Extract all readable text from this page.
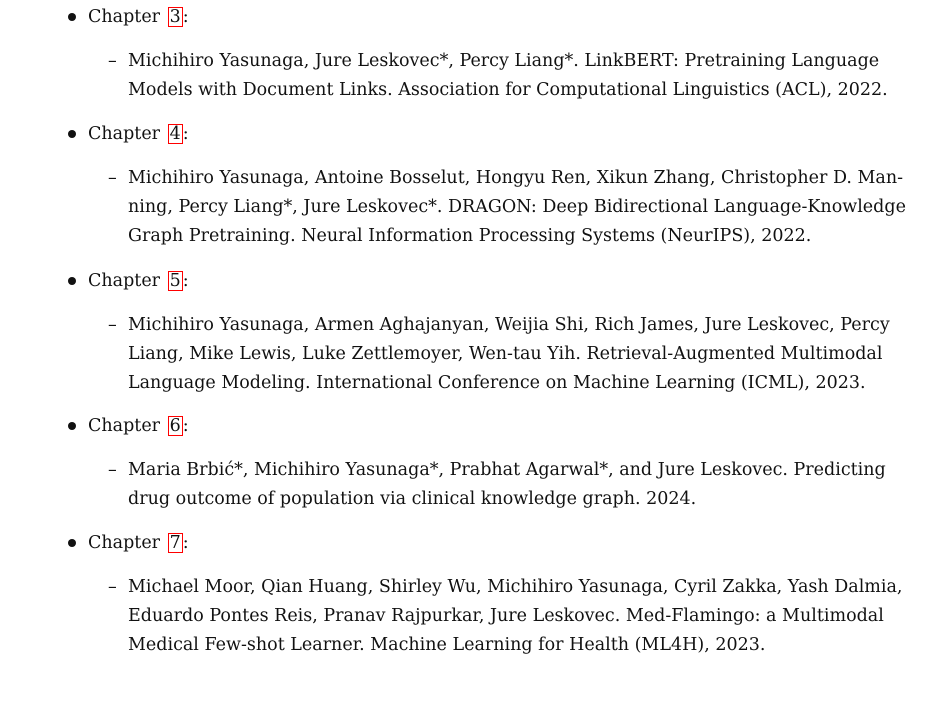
Chapter 3 :
– Michihiro Yasunaga, Jure Leskovec*, Percy Liang*. LinkBERT: Pretraining Language
Models with Document Links. Association for Computational Linguistics (ACL), 2022.
Chapter 4 :
– Michihiro Yasunaga, Antoine Bosselut, Hongyu Ren, Xikun Zhang, Christopher D. Man-
ning, Percy Liang*, Jure Leskovec*. DRAGON: Deep Bidirectional Language-Knowledge
Graph Pretraining. Neural Information Processing Systems (NeurIPS), 2022.
Chapter 5 :
– Michihiro Yasunaga, Armen Aghajanyan, Weijia Shi, Rich James, Jure Leskovec, Percy
Liang, Mike Lewis, Luke Zettlemoyer, Wen-tau Yih. Retrieval-Augmented Multimodal
Language Modeling. International Conference on Machine Learning (ICML), 2023.
Chapter 6 :
– Maria Brbić*, Michihiro Yasunaga*, Prabhat Agarwal*, and Jure Leskovec. Predicting
drug outcome of population via clinical knowledge graph. 2024.
Chapter 7 :
– Michael Moor, Qian Huang, Shirley Wu, Michihiro Yasunaga, Cyril Zakka, Yash Dalmia,
Eduardo Pontes Reis, Pranav Rajpurkar, Jure Leskovec. Med-Flamingo: a Multimodal
Medical Few-shot Learner. Machine Learning for Health (ML4H), 2023.
